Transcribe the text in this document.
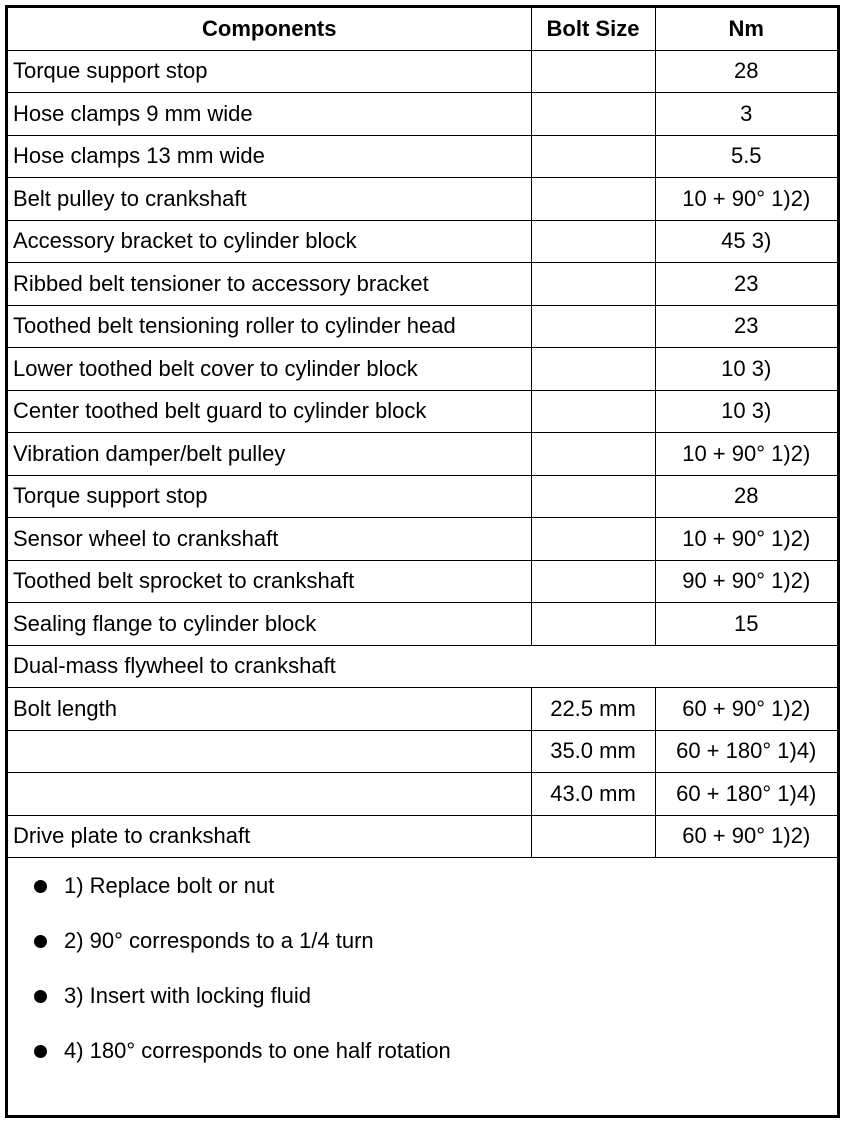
Components	Bolt Size	Nm
Torque support stop		28
Hose clamps 9 mm wide		3
Hose clamps 13 mm wide		5.5
Belt pulley to crankshaft		10 + 90° 1)2)
Accessory bracket to cylinder block		45 3)
Ribbed belt tensioner to accessory bracket		23
Toothed belt tensioning roller to cylinder head		23
Lower toothed belt cover to cylinder block		10 3)
Center toothed belt guard to cylinder block		10 3)
Vibration damper/belt pulley		10 + 90° 1)2)
Torque support stop		28
Sensor wheel to crankshaft		10 + 90° 1)2)
Toothed belt sprocket to crankshaft		90 + 90° 1)2)
Sealing flange to cylinder block		15
Dual-mass flywheel to crankshaft		
Bolt length	22.5 mm	60 + 90° 1)2)
	35.0 mm	60 + 180° 1)4)
	43.0 mm	60 + 180° 1)4)
Drive plate to crankshaft		60 + 90° 1)2)
1) Replace bolt or nut
2) 90° corresponds to a 1/4 turn
3) Insert with locking fluid
4) 180° corresponds to one half rotation
